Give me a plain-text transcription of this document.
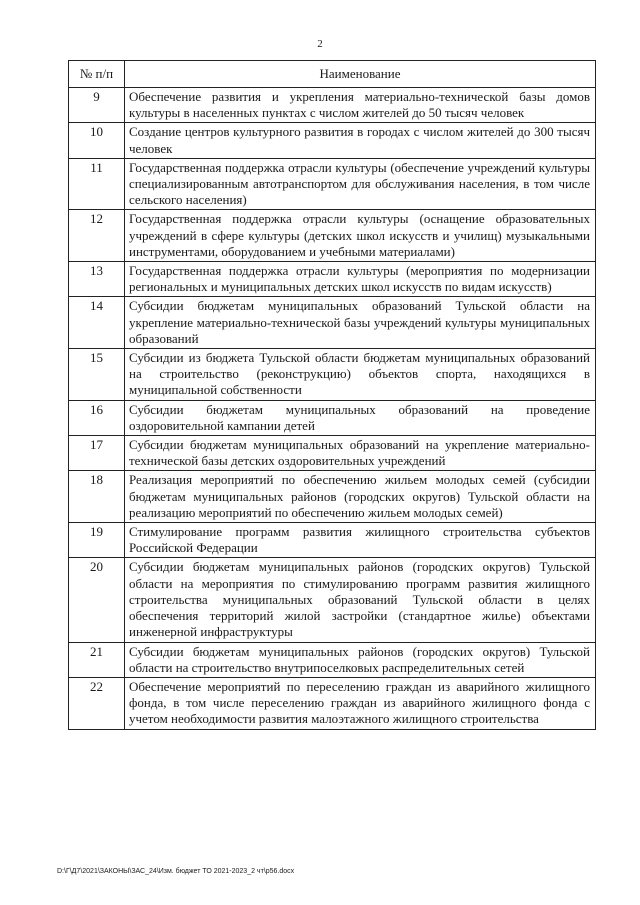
2
№ п/п	Наименование
9	Обеспечение развития и укрепления материально-технической базы домов культуры в населенных пунктах с числом жителей до 50 тысяч человек
10	Создание центров культурного развития в городах с числом жителей до 300 тысяч человек
11	Государственная поддержка отрасли культуры (обеспечение учреждений культуры специализированным автотранспортом для обслуживания населения, в том числе сельского населения)
12	Государственная поддержка отрасли культуры (оснащение образовательных учреждений в сфере культуры (детских школ искусств и училищ) музыкальными инструментами, оборудованием и учебными материалами)
13	Государственная поддержка отрасли культуры (мероприятия по модернизации региональных и муниципальных детских школ искусств по видам искусств)
14	Субсидии бюджетам муниципальных образований Тульской области на укрепление материально-технической базы учреждений культуры муниципальных образований
15	Субсидии из бюджета Тульской области бюджетам муниципальных образований на строительство (реконструкцию) объектов спорта, находящихся в муниципальной собственности
16	Субсидии бюджетам муниципальных образований на проведение оздоровительной кампании детей
17	Субсидии бюджетам муниципальных образований на укрепление материально-технической базы детских оздоровительных учреждений
18	Реализация мероприятий по обеспечению жильем молодых семей (субсидии бюджетам муниципальных районов (городских округов) Тульской области на реализацию мероприятий по обеспечению жильем молодых семей)
19	Стимулирование программ развития жилищного строительства субъектов Российской Федерации
20	Субсидии бюджетам муниципальных районов (городских округов) Тульской области на мероприятия по стимулированию программ развития жилищного строительства муниципальных образований Тульской области в целях обеспечения территорий жилой застройки (стандартное жилье) объектами инженерной инфраструктуры
21	Субсидии бюджетам муниципальных районов (городских округов) Тульской области на строительство внутрипоселковых распределительных сетей
22	Обеспечение мероприятий по переселению граждан из аварийного жилищного фонда, в том числе переселению граждан из аварийного жилищного фонда с учетом необходимости развития малоэтажного жилищного строительства
D:\Г\Д7\2021\ЗАКОНЫ\ЗАС_24\Изм. бюджет ТО 2021-2023_2 чт\р56.docx
